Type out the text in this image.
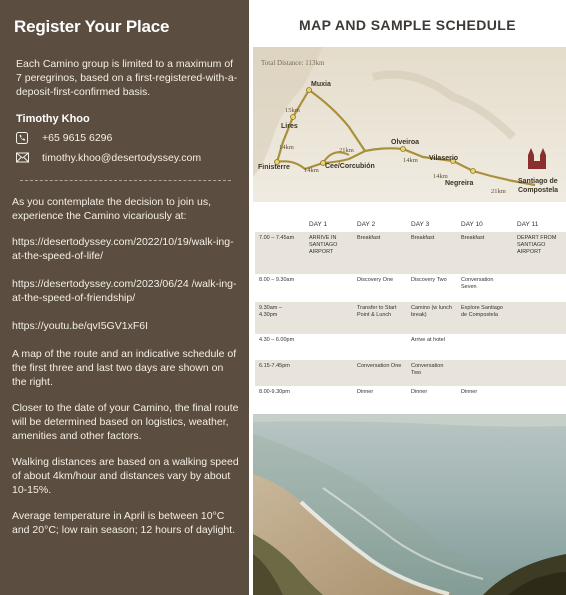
Register Your Place

Each Camino group is limited to a maximum of 7 peregrinos, based on a first-registered-with-a-deposit-first-confirmed basis.

Timothy Khoo

+65 9615 6296
timothy.khoo@desertodyssey.com

As you contemplate the decision to join us, experience the Camino vicariously at:

https://desertodyssey.com/2022/10/19/walk-ing-at-the-speed-of-life/

https://desertodyssey.com/2023/06/24 /walk-ing-at-the-speed-of-friendship/

https://youtu.be/qvI5GV1xF6I

A map of the route and an indicative schedule of the first three and last two days are shown on the right.

Closer to the date of your Camino, the final route will be determined based on logistics, weather, amenities and other factors.

Walking distances are based on a walking speed of about 4km/hour and distances vary by about 10-15%.

Average temperature in April is between 10°C and 20°C; low rain season; 12 hours of daylight.

MAP AND SAMPLE SCHEDULE
Total Distance: 113km
Muxia
Lires
Finisterre	Cee/Corcubión
Olveiroa
Vilaserio
Negreira	Santiago de
Compostela
15km
14km
14km
21km
14km
14km
21km
	DAY 1	DAY 2	DAY 3	DAY 10	DAY 11
7.00 – 7.45am	ARRIVE IN SANTIAGO AIRPORT	Breakfast	Breakfast	Breakfast	DEPART FROM SANTIAGO AIRPORT
8.00 – 9.30am		Discovery One	Discovery Two	Conversation Seven	
9.30am – 4.30pm		Transfer to Start Point & Lunch	Camino (w lunch break)	Explore Santiago de Compostela	
4.30 – 6.00pm			Arrive at hotel		
6.15-7.45pm		Conversation One	Conversation Two		
8.00-9.30pm		Dinner	Dinner	Dinner	
